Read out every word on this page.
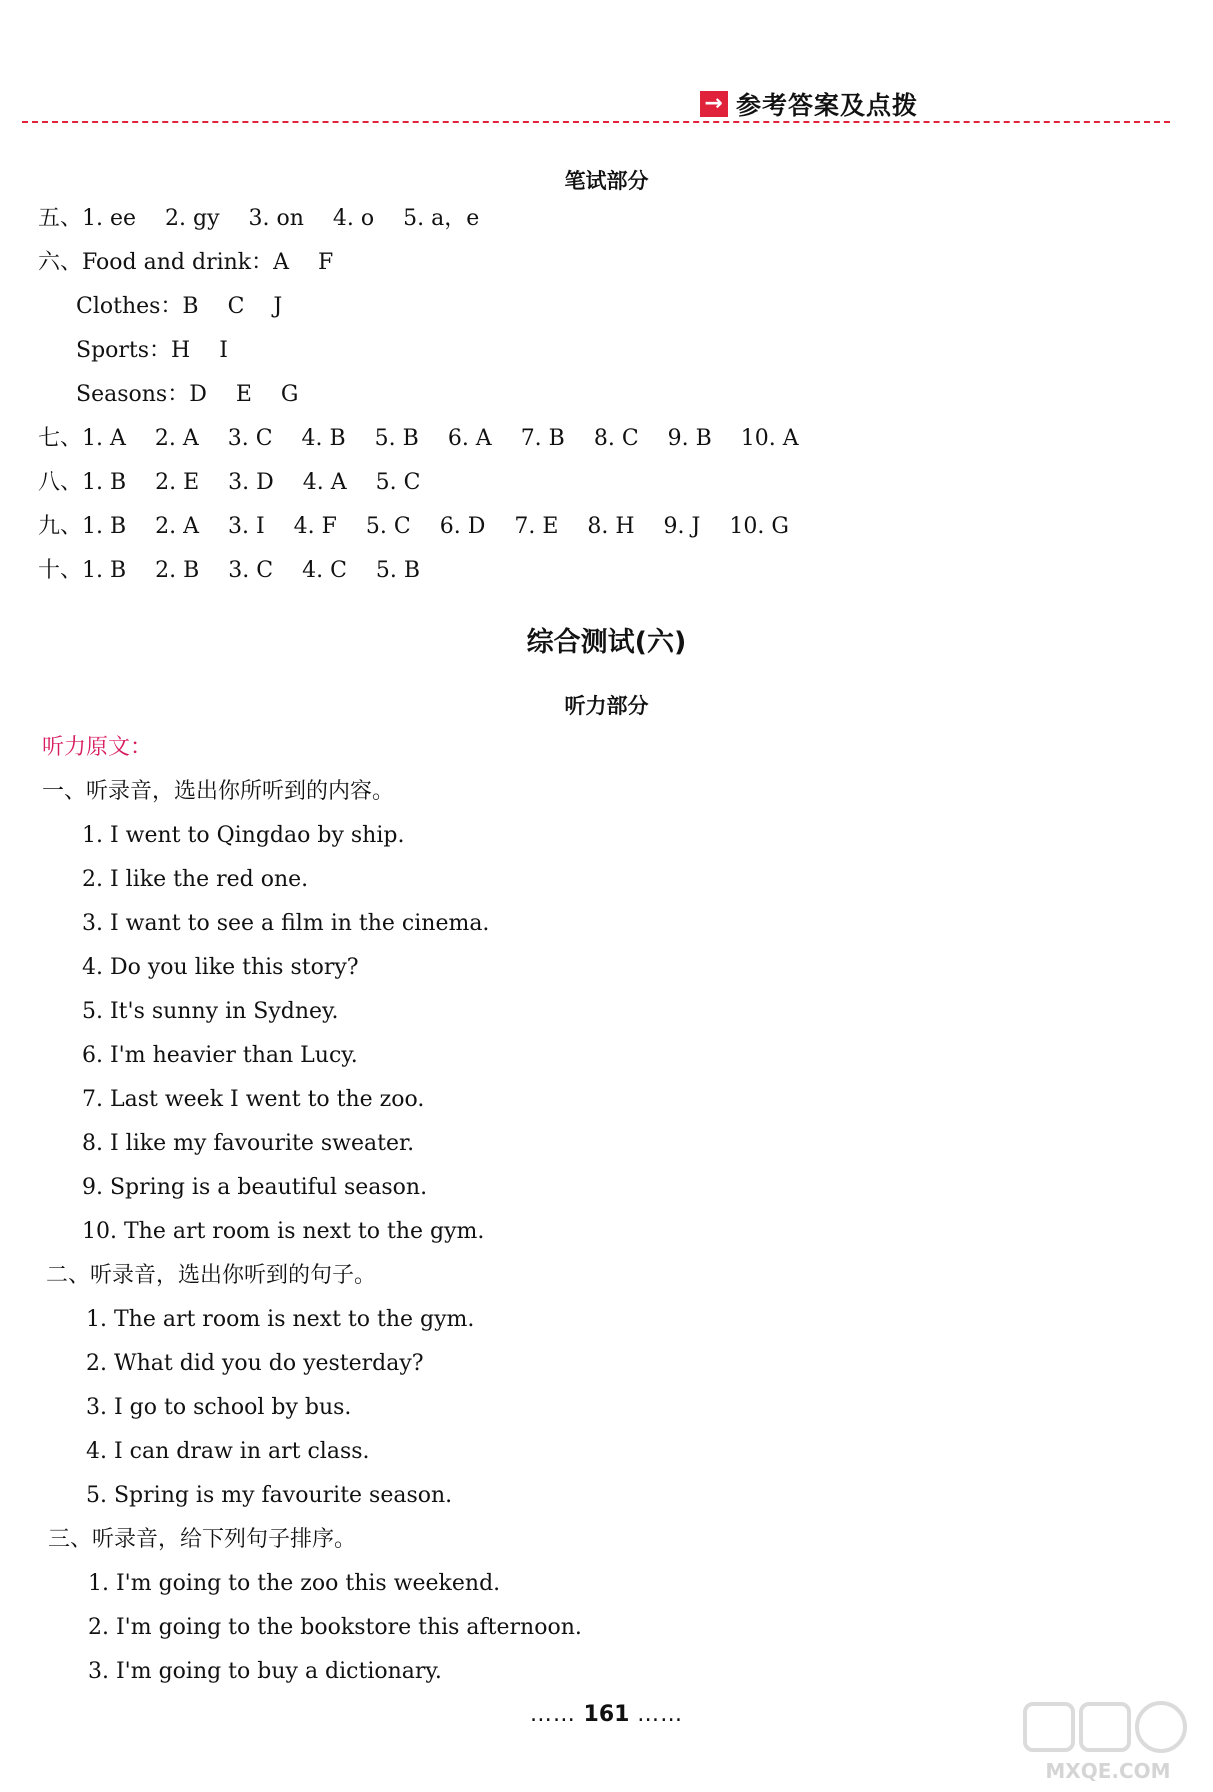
→ 参考答案及点拨
笔试部分
五、1. ee　 2. gy　 3. on　 4. o　 5. a，e
六、Food and drink：A　 F
Clothes：B　 C　 J
Sports：H　 I
Seasons：D　 E　 G
七、1. A　 2. A　 3. C　 4. B　 5. B　 6. A　 7. B　 8. C　 9. B　 10. A
八、1. B　 2. E　 3. D　 4. A　 5. C
九、1. B　 2. A　 3. I　 4. F　 5. C　 6. D　 7. E　 8. H　 9. J　 10. G
十、1. B　 2. B　 3. C　 4. C　 5. B
综合测试(六)
听力部分
听力原文：
一、听录音，选出你所听到的内容。
1. I went to Qingdao by ship.
2. I like the red one.
3. I want to see a film in the cinema.
4. Do you like this story?
5. It's sunny in Sydney.
6. I'm heavier than Lucy.
7. Last week I went to the zoo.
8. I like my favourite sweater.
9. Spring is a beautiful season.
10. The art room is next to the gym.
二、听录音，选出你听到的句子。
1. The art room is next to the gym.
2. What did you do yesterday?
3. I go to school by bus.
4. I can draw in art class.
5. Spring is my favourite season.
三、听录音，给下列句子排序。
1. I'm going to the zoo this weekend.
2. I'm going to the bookstore this afternoon.
3. I'm going to buy a dictionary.
…… 161 ……
MXQE.COM
